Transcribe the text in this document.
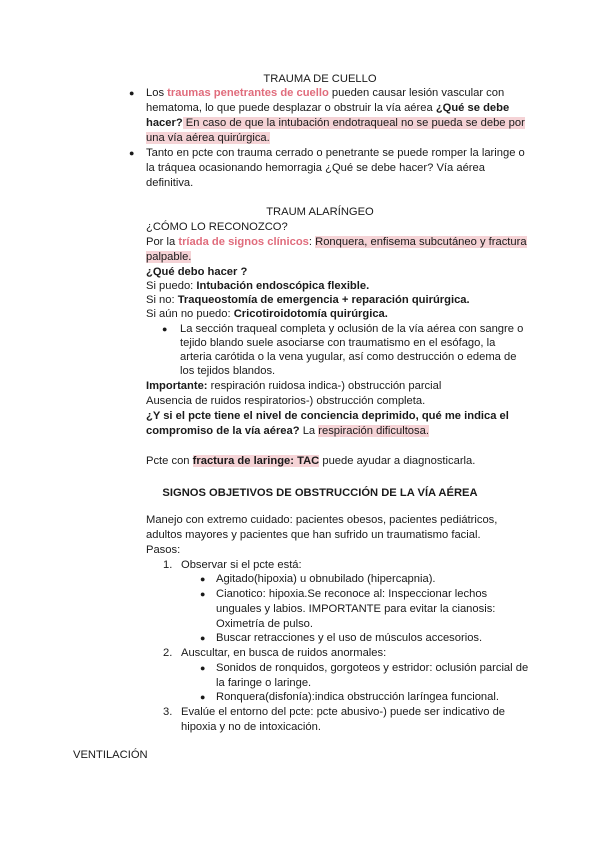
TRAUMA DE CUELLO
● Los traumas penetrantes de cuello pueden causar lesión vascular con
hematoma, lo que puede desplazar o obstruir la vía aérea ¿Qué se debe
hacer? En caso de que la intubación endotraqueal no se pueda se debe por
una vía aérea quirúrgica.
● Tanto en pcte con trauma cerrado o penetrante se puede romper la laringe o
la tráquea ocasionando hemorragia ¿Qué se debe hacer? Vía aérea
definitiva.
TRAUM ALARÍNGEO
¿CÓMO LO RECONOZCO?
Por la tríada de signos clínicos: Ronquera, enfisema subcutáneo y fractura
palpable.
¿Qué debo hacer ?
Si puedo: Intubación endoscópica flexible.
Si no: Traqueostomía de emergencia + reparación quirúrgica.
Si aún no puedo: Cricotiroidotomía quirúrgica.
● La sección traqueal completa y oclusión de la vía aérea con sangre o
tejido blando suele asociarse con traumatismo en el esófago, la
arteria carótida o la vena yugular, así como destrucción o edema de
los tejidos blandos.
Importante: respiración ruidosa indica-) obstrucción parcial
Ausencia de ruidos respiratorios-) obstrucción completa.
¿Y si el pcte tiene el nivel de conciencia deprimido, qué me indica el
compromiso de la vía aérea? La respiración dificultosa.
Pcte con fractura de laringe: TAC puede ayudar a diagnosticarla.
SIGNOS OBJETIVOS DE OBSTRUCCIÓN DE LA VÍA AÉREA
Manejo con extremo cuidado: pacientes obesos, pacientes pediátricos,
adultos mayores y pacientes que han sufrido un traumatismo facial.
Pasos:
1. Observar si el pcte está:
● Agitado(hipoxia) u obnubilado (hipercapnia).
● Cianotico: hipoxia.Se reconoce al: Inspeccionar lechos
unguales y labios. IMPORTANTE para evitar la cianosis:
Oximetría de pulso.
● Buscar retracciones y el uso de músculos accesorios.
2. Auscultar, en busca de ruidos anormales:
● Sonidos de ronquidos, gorgoteos y estridor: oclusión parcial de
la faringe o laringe.
● Ronquera(disfonía):indica obstrucción laríngea funcional.
3. Evalúe el entorno del pcte: pcte abusivo-) puede ser indicativo de
hipoxia y no de intoxicación.
VENTILACIÓN
